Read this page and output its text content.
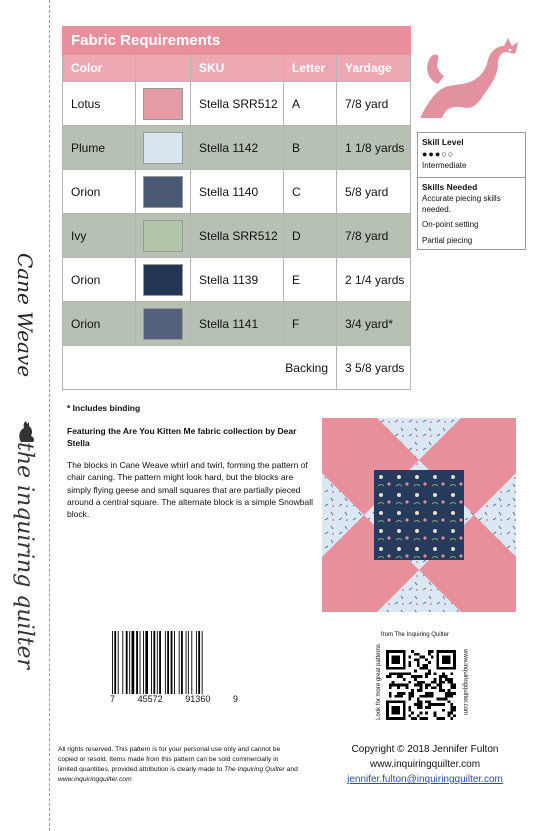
Cane Weave
the inquiring quilter
Fabric Requirements				
Color		SKU	Letter	Yardage
Lotus		Stella SRR512	A	7/8 yard
Plume		Stella 1142	B	1 1/8 yards
Orion		Stella 1140	C	5/8 yard
Ivy		Stella SRR512	D	7/8 yard
Orion		Stella 1139	E	2 1/4 yards
Orion		Stella 1141	F	3/4 yard*
Backing				3 5/8 yards
Skill Level
●●●○○

Intermediate

Skills Needed

Accurate piecing skills needed.

On-point setting

Partial piecing

* Includes binding
Featuring the Are You Kitten Me fabric collection by Dear Stella
The blocks in Cane Weave whirl and twirl, forming the pattern of chair caning. The pattern might look hard, but the blocks are simply flying geese and small squares that are partially pieced around a central square. The alternate block is a simple Snowball block.
7	45572	91360	9
from The Inquiring Quilter
Look for more great patterns	www.inquiringquilter.com
All rights reserved. This pattern is for your personal use only and cannot be copied or resold. Items made from this pattern can be sold commercially in limited quantities, provided attribution is clearly made to The Inquiring Quilter and www.inquiringquilter.com
Copyright © 2018 Jennifer Fulton
www.inquiringquilter.com
jennifer.fulton@inquiringquilter.com
